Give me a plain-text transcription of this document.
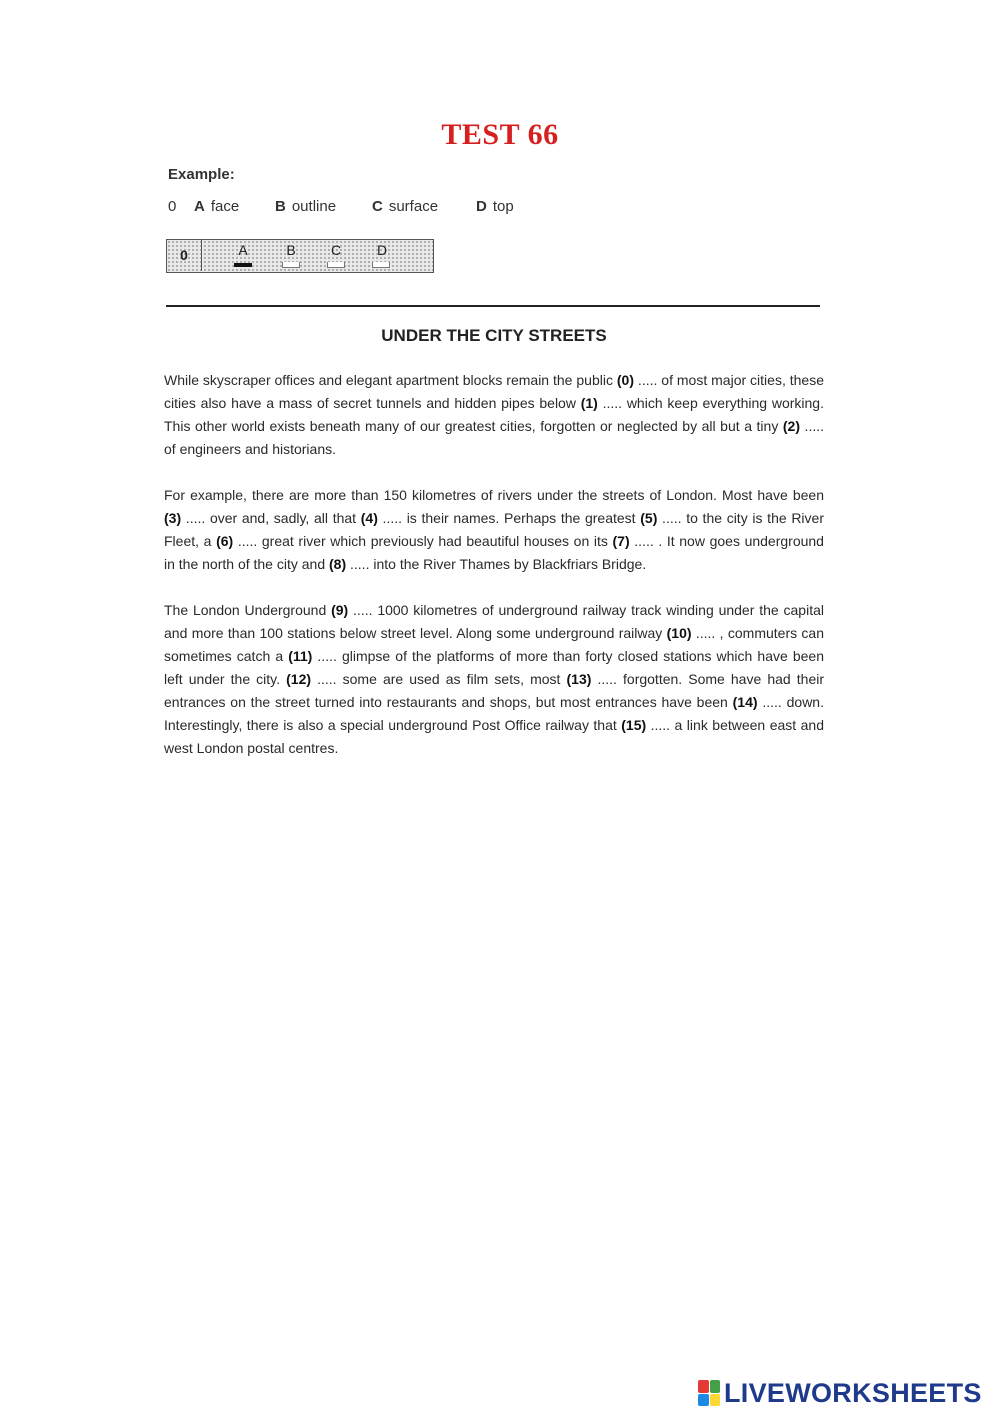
TEST 66
Example:
0 A face B outline C surface	D top
0	A	B	C	D
UNDER THE CITY STREETS
While skyscraper offices and elegant apartment blocks remain the public (0) ..... of most major cities, these cities also have a mass of secret tunnels and hidden pipes below (1) ..... which keep everything working. This other world exists beneath many of our greatest cities, forgotten or neglected by all but a tiny (2) ..... of engineers and historians.
For example, there are more than 150 kilometres of rivers under the streets of London. Most have been (3) ..... over and, sadly, all that (4) ..... is their names. Perhaps the greatest (5) ..... to the city is the River Fleet, a (6) ..... great river which previously had beautiful houses on its (7) ..... . It now goes underground in the north of the city and (8) ..... into the River Thames by Blackfriars Bridge.
The London Underground (9) ..... 1000 kilometres of underground railway track winding under the capital and more than 100 stations below street level. Along some underground railway (10) ..... , commuters can sometimes catch a (11) ..... glimpse of the platforms of more than forty closed stations which have been left under the city. (12) ..... some are used as film sets, most (13) ..... forgotten. Some have had their entrances on the street turned into restaurants and shops, but most entrances have been (14) ..... down. Interestingly, there is also a special underground Post Office railway that (15) ..... a link between east and west London postal centres.
LIVEWORKSHEETS
